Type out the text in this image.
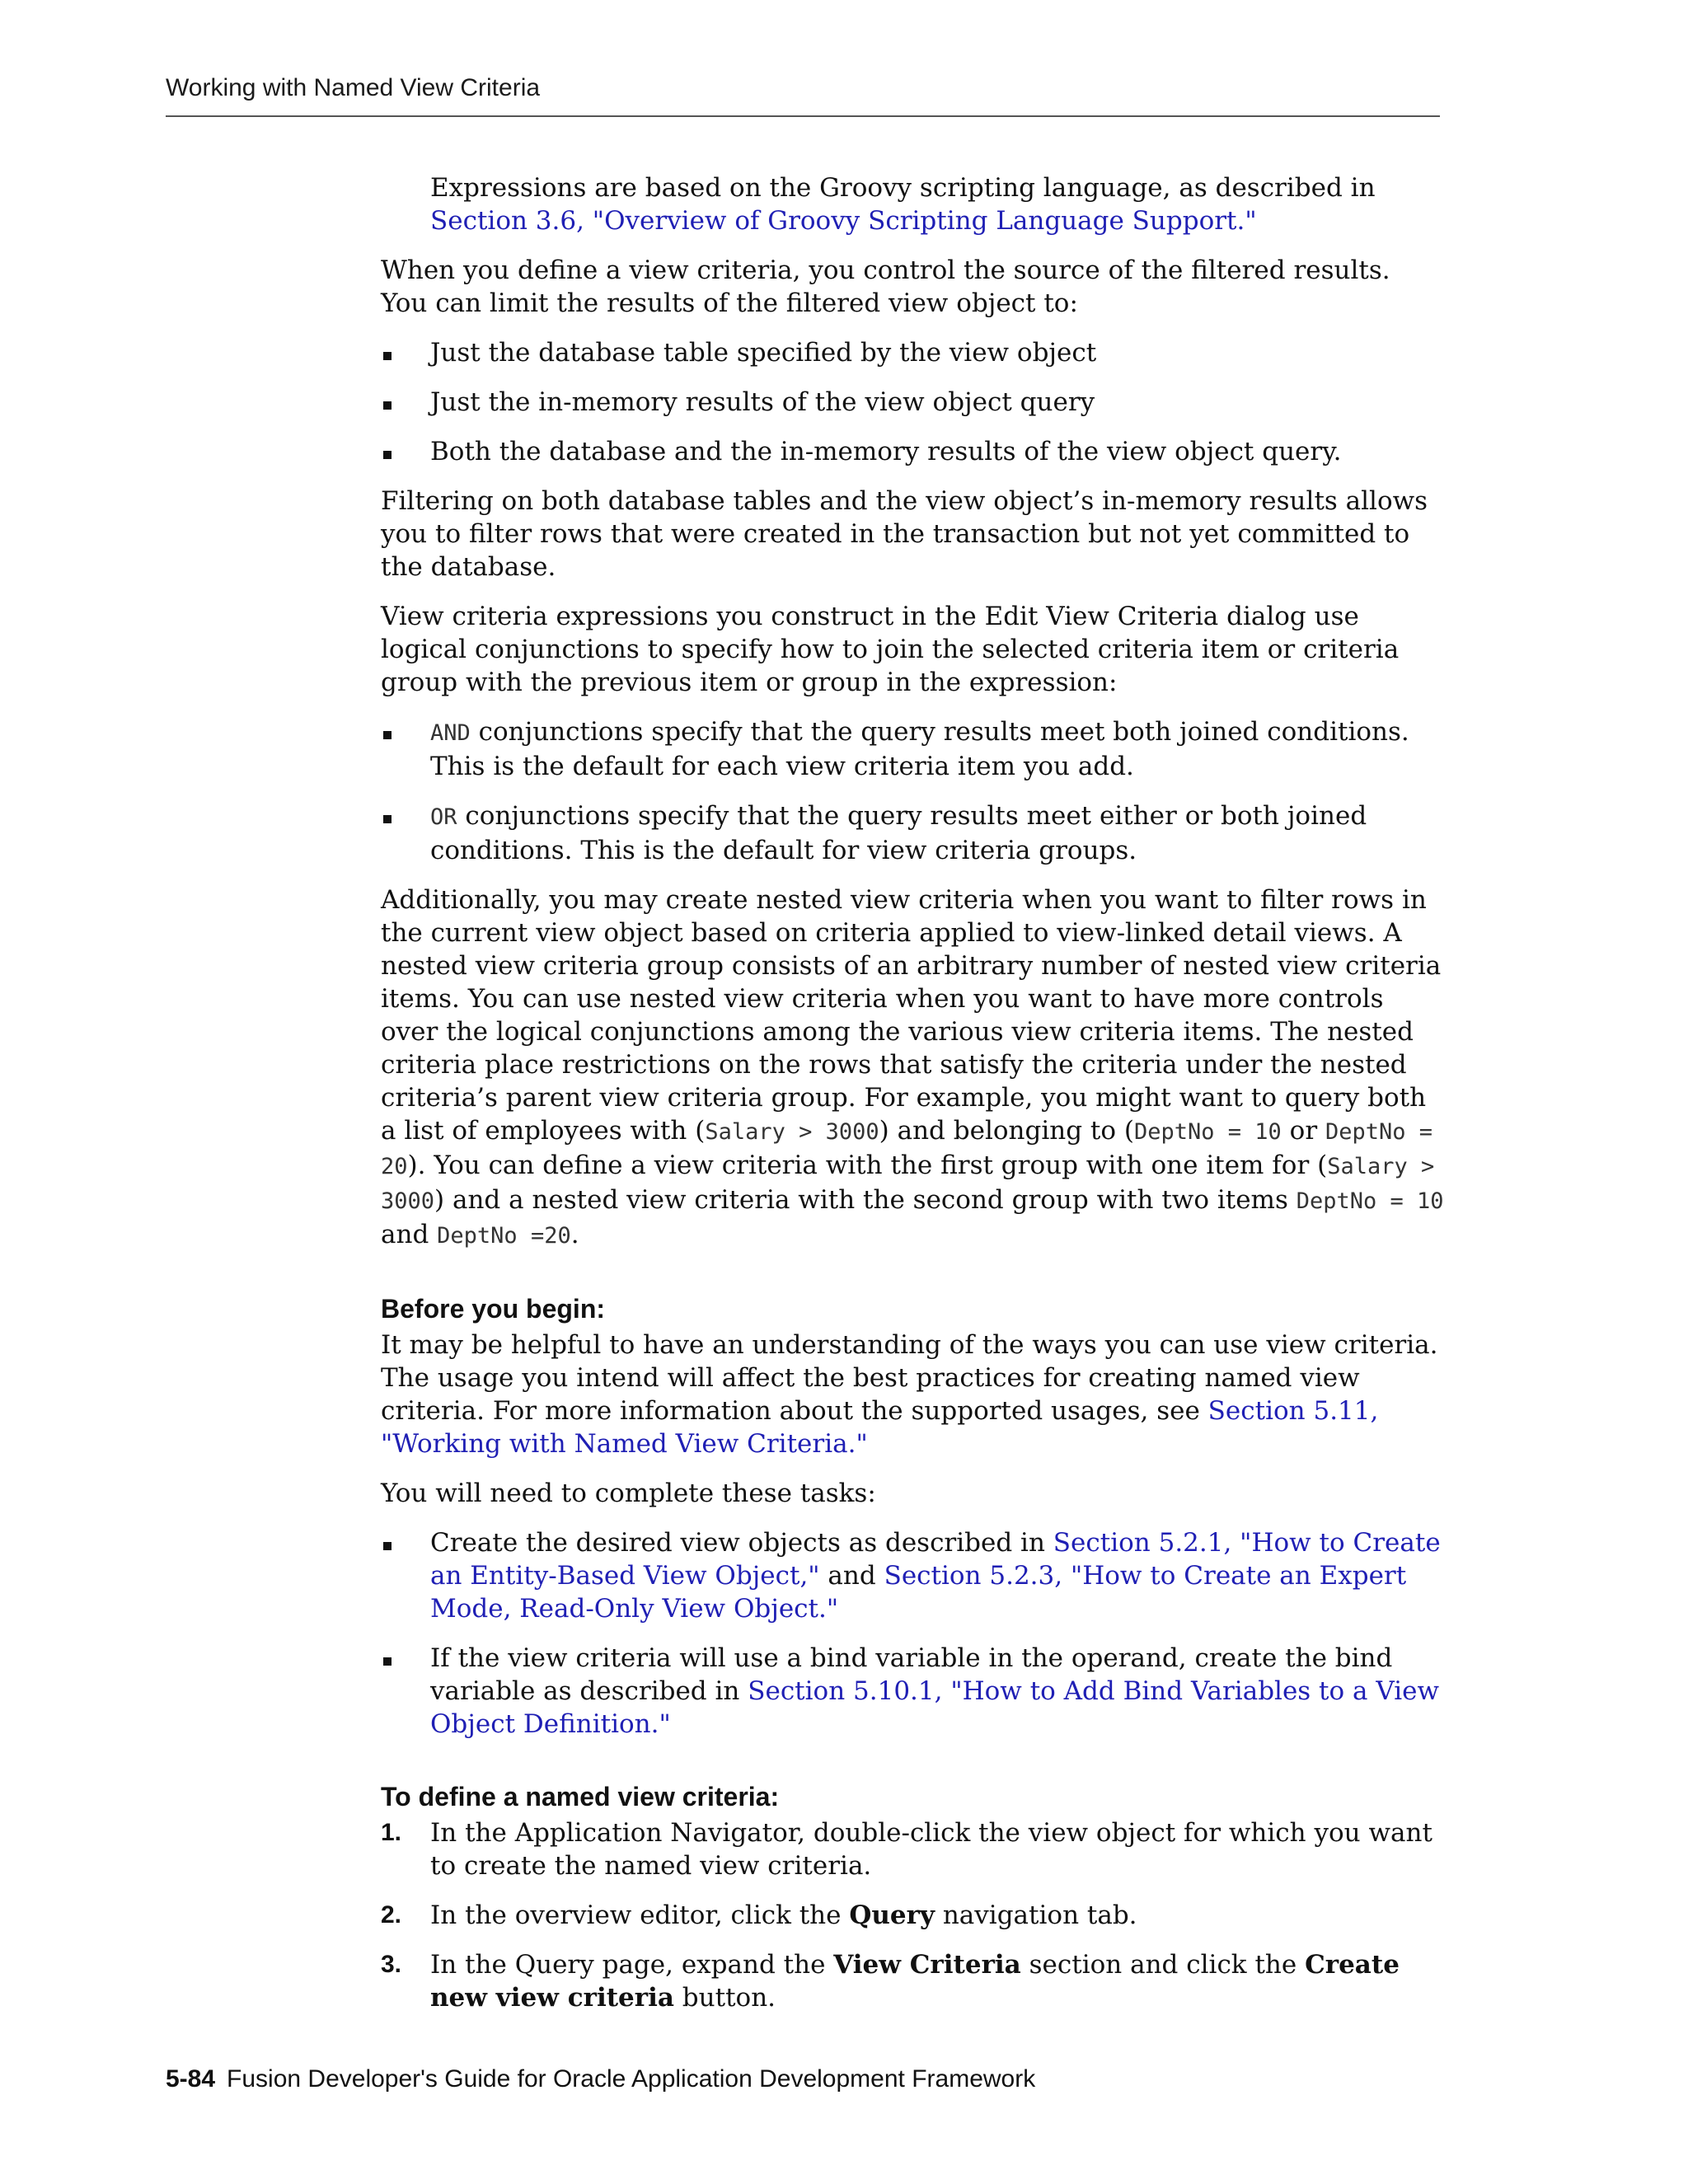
Working with Named View Criteria

Expressions are based on the Groovy scripting language, as described in Section 3.6, "Overview of Groovy Scripting Language Support."

When you define a view criteria, you control the source of the filtered results. You can limit the results of the filtered view object to:

Just the database table specified by the view object
Just the in-memory results of the view object query
Both the database and the in-memory results of the view object query.

Filtering on both database tables and the view object’s in-memory results allows you to filter rows that were created in the transaction but not yet committed to the database.

View criteria expressions you construct in the Edit View Criteria dialog use logical conjunctions to specify how to join the selected criteria item or criteria group with the previous item or group in the expression:

AND conjunctions specify that the query results meet both joined conditions. This is the default for each view criteria item you add.
OR conjunctions specify that the query results meet either or both joined conditions. This is the default for view criteria groups.

Additionally, you may create nested view criteria when you want to filter rows in the current view object based on criteria applied to view-linked detail views. A nested view criteria group consists of an arbitrary number of nested view criteria items. You can use nested view criteria when you want to have more controls over the logical conjunctions among the various view criteria items. The nested criteria place restrictions on the rows that satisfy the criteria under the nested criteria’s parent view criteria group. For example, you might want to query both a list of employees with (Salary > 3000) and belonging to (DeptNo = 10 or DeptNo = 20). You can define a view criteria with the first group with one item for (Salary > 3000) and a nested view criteria with the second group with two items DeptNo = 10 and DeptNo =20.

Before you begin:

It may be helpful to have an understanding of the ways you can use view criteria. The usage you intend will affect the best practices for creating named view criteria. For more information about the supported usages, see Section 5.11, "Working with Named View Criteria."

You will need to complete these tasks:

Create the desired view objects as described in Section 5.2.1, "How to Create an Entity-Based View Object," and Section 5.2.3, "How to Create an Expert Mode, Read-Only View Object."
If the view criteria will use a bind variable in the operand, create the bind variable as described in Section 5.10.1, "How to Add Bind Variables to a View Object Definition."
To define a named view criteria:
1. In the Application Navigator, double-click the view object for which you want to create the named view criteria.
2. In the overview editor, click the Query navigation tab.
3. In the Query page, expand the View Criteria section and click the Create new view criteria button.
5-84 Fusion Developer's Guide for Oracle Application Development Framework
